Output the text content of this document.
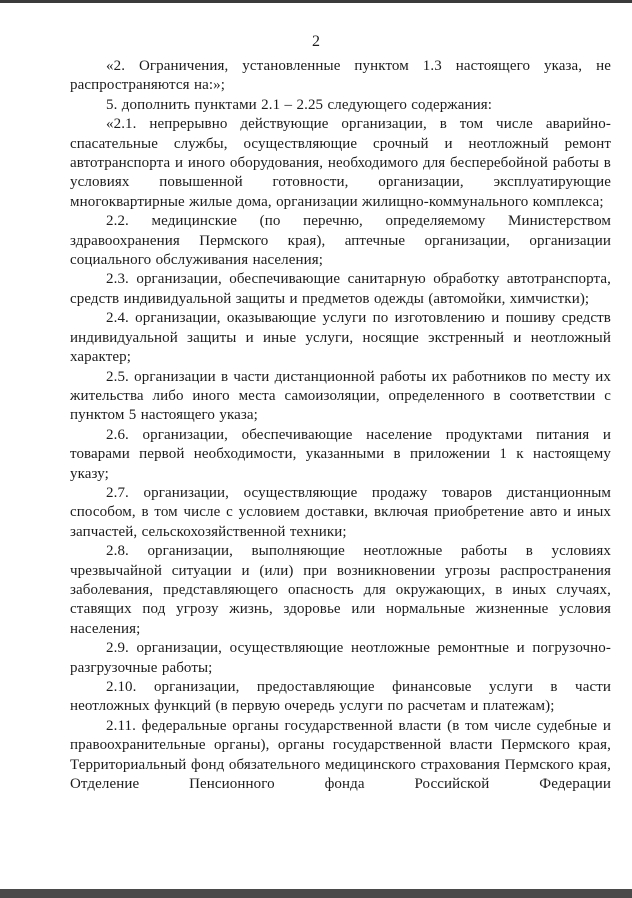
2

«2. Ограничения, установленные пунктом 1.3 настоящего указа, не распространяются на:»;

5. дополнить пунктами 2.1 – 2.25 следующего содержания:

«2.1. непрерывно действующие организации, в том числе аварийно-спасательные службы, осуществляющие срочный и неотложный ремонт автотранспорта и иного оборудования, необходимого для бесперебойной работы в условиях повышенной готовности, организации, эксплуатирующие многоквартирные жилые дома, организации жилищно-коммунального комплекса;

2.2. медицинские (по перечню, определяемому Министерством здравоохранения Пермского края), аптечные организации, организации социального обслуживания населения;

2.3. организации, обеспечивающие санитарную обработку автотранспорта, средств индивидуальной защиты и предметов одежды (автомойки, химчистки);

2.4. организации, оказывающие услуги по изготовлению и пошиву средств индивидуальной защиты и иные услуги, носящие экстренный и неотложный характер;

2.5. организации в части дистанционной работы их работников по месту их жительства либо иного места самоизоляции, определенного в соответствии с пунктом 5 настоящего указа;

2.6. организации, обеспечивающие население продуктами питания и товарами первой необходимости, указанными в приложении 1 к настоящему указу;

2.7. организации, осуществляющие продажу товаров дистанционным способом, в том числе с условием доставки, включая приобретение авто и иных запчастей, сельскохозяйственной техники;

2.8. организации, выполняющие неотложные работы в условиях чрезвычайной ситуации и (или) при возникновении угрозы распространения заболевания, представляющего опасность для окружающих, в иных случаях, ставящих под угрозу жизнь, здоровье или нормальные жизненные условия населения;

2.9. организации, осуществляющие неотложные ремонтные и погрузочно-разгрузочные работы;

2.10. организации, предоставляющие финансовые услуги в части неотложных функций (в первую очередь услуги по расчетам и платежам);

2.11. федеральные органы государственной власти (в том числе судебные и правоохранительные органы), органы государственной власти Пермского края, Территориальный фонд обязательного медицинского страхования Пермского края, Отделение Пенсионного фонда Российской Федерации
